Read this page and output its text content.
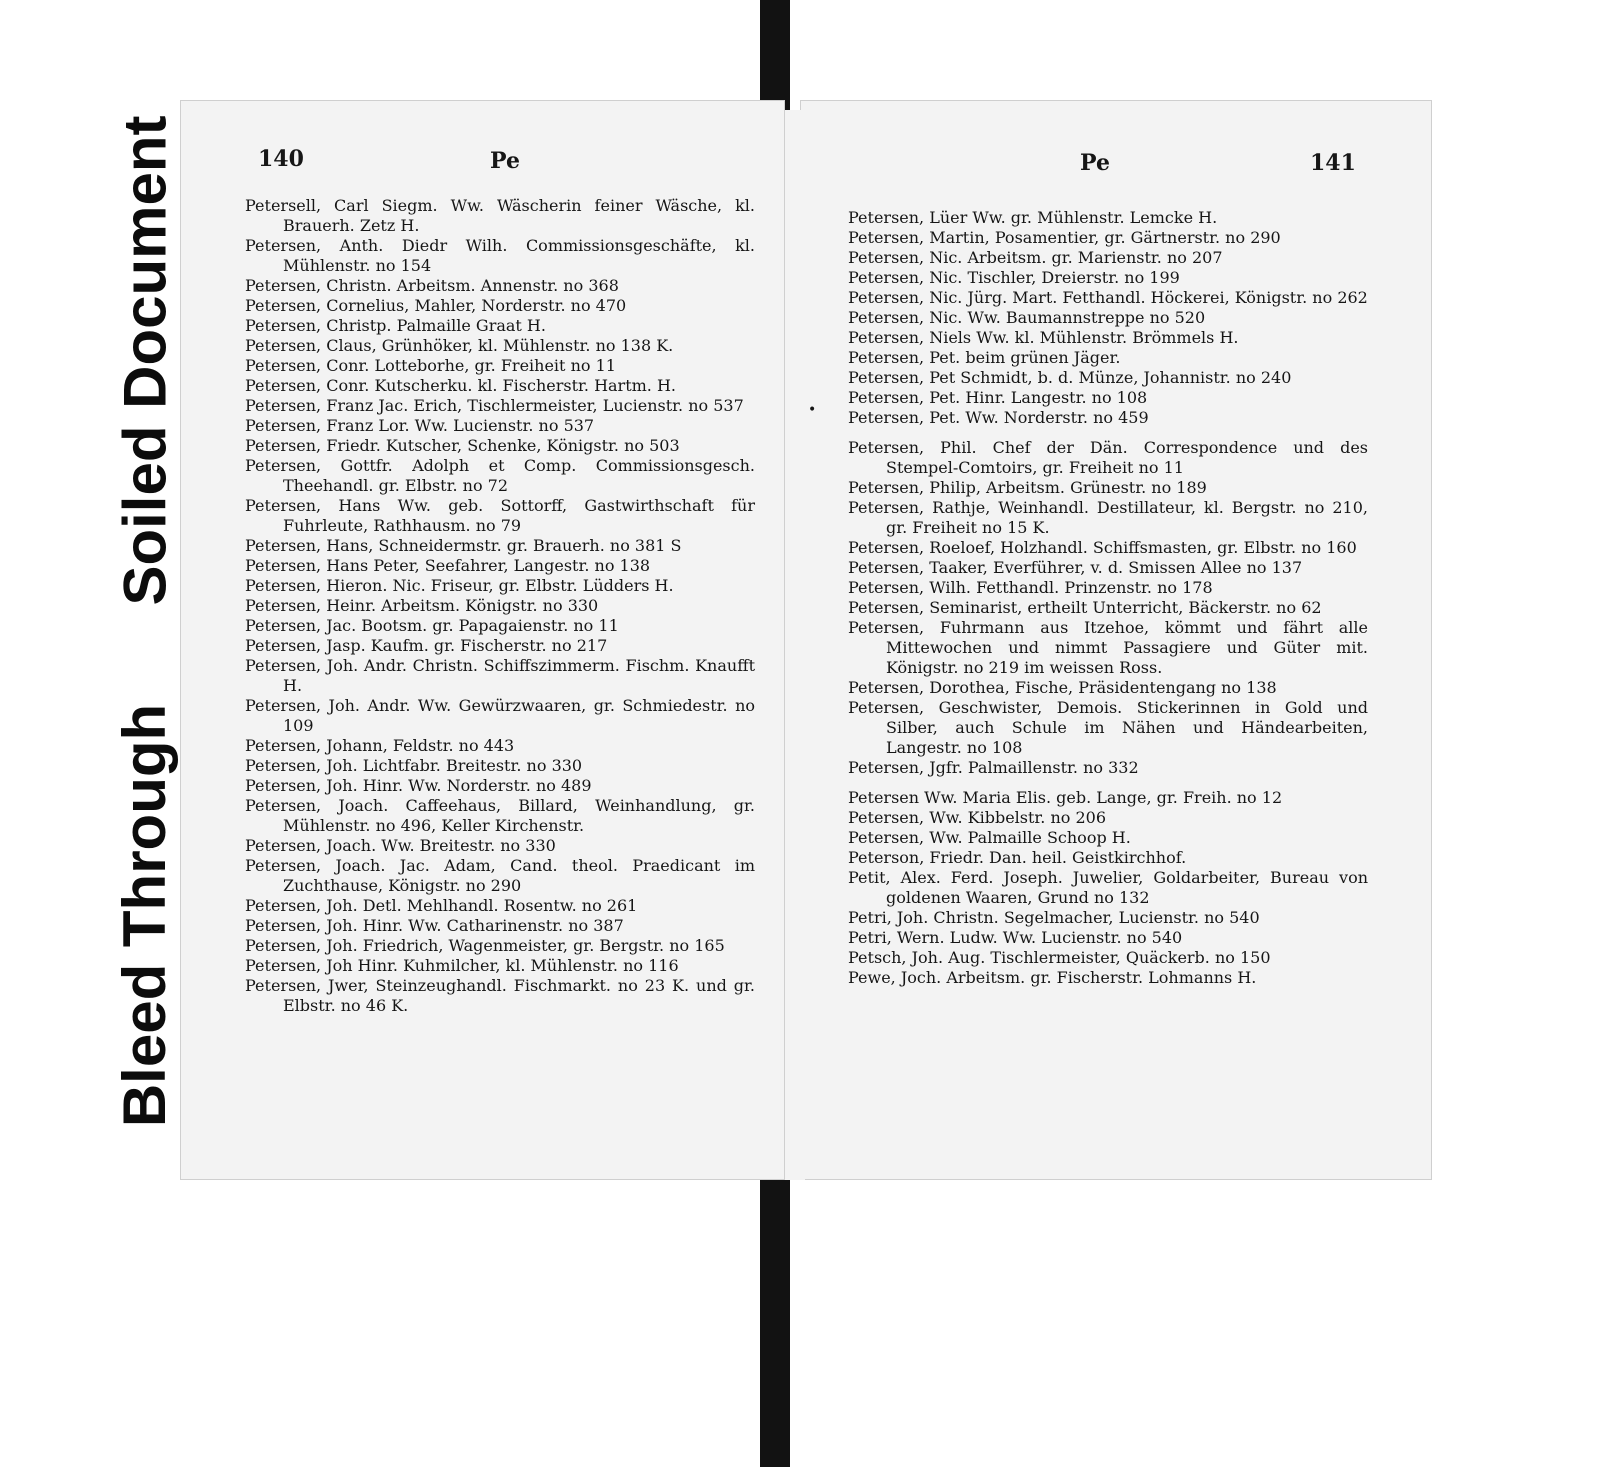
Soiled Document
Bleed Through
140	Pe	Pe	141
Petersell, Carl Siegm. Ww. Wäscherin feiner Wäsche, kl. Brauerh. Zetz H.
Petersen, Anth. Diedr Wilh. Commissionsgeschäfte, kl. Mühlenstr. no 154
Petersen, Christn. Arbeitsm. Annenstr. no 368
Petersen, Cornelius, Mahler, Norderstr. no 470
Petersen, Christp. Palmaille Graat H.
Petersen, Claus, Grünhöker, kl. Mühlenstr. no 138 K.
Petersen, Conr. Lotteborhe, gr. Freiheit no 11
Petersen, Conr. Kutscherku. kl. Fischerstr. Hartm. H.
Petersen, Franz Jac. Erich, Tischlermeister, Lucienstr. no 537
Petersen, Franz Lor. Ww. Lucienstr. no 537
Petersen, Friedr. Kutscher, Schenke, Königstr. no 503
Petersen, Gottfr. Adolph et Comp. Commissionsgesch. Theehandl. gr. Elbstr. no 72
Petersen, Hans Ww. geb. Sottorff, Gastwirthschaft für Fuhrleute, Rathhausm. no 79
Petersen, Hans, Schneidermstr. gr. Brauerh. no 381 S
Petersen, Hans Peter, Seefahrer, Langestr. no 138
Petersen, Hieron. Nic. Friseur, gr. Elbstr. Lüdders H.
Petersen, Heinr. Arbeitsm. Königstr. no 330
Petersen, Jac. Bootsm. gr. Papagaienstr. no 11
Petersen, Jasp. Kaufm. gr. Fischerstr. no 217
Petersen, Joh. Andr. Christn. Schiffszimmerm. Fischm. Knaufft H.
Petersen, Joh. Andr. Ww. Gewürzwaaren, gr. Schmiedestr. no 109
Petersen, Johann, Feldstr. no 443
Petersen, Joh. Lichtfabr. Breitestr. no 330
Petersen, Joh. Hinr. Ww. Norderstr. no 489
Petersen, Joach. Caffeehaus, Billard, Weinhandlung, gr. Mühlenstr. no 496, Keller Kirchenstr.
Petersen, Joach. Ww. Breitestr. no 330
Petersen, Joach. Jac. Adam, Cand. theol. Praedicant im Zuchthause, Königstr. no 290
Petersen, Joh. Detl. Mehlhandl. Rosentw. no 261
Petersen, Joh. Hinr. Ww. Catharinenstr. no 387
Petersen, Joh. Friedrich, Wagenmeister, gr. Bergstr. no 165
Petersen, Joh Hinr. Kuhmilcher, kl. Mühlenstr. no 116
Petersen, Jwer, Steinzeughandl. Fischmarkt. no 23 K. und gr. Elbstr. no 46 K.
Petersen, Lüer Ww. gr. Mühlenstr. Lemcke H.
Petersen, Martin, Posamentier, gr. Gärtnerstr. no 290
Petersen, Nic. Arbeitsm. gr. Marienstr. no 207
Petersen, Nic. Tischler, Dreierstr. no 199
Petersen, Nic. Jürg. Mart. Fetthandl. Höckerei, Königstr. no 262
Petersen, Nic. Ww. Baumannstreppe no 520
Petersen, Niels Ww. kl. Mühlenstr. Brömmels H.
Petersen, Pet. beim grünen Jäger.
Petersen, Pet Schmidt, b. d. Münze, Johannistr. no 240
Petersen, Pet. Hinr. Langestr. no 108
Petersen, Pet. Ww. Norderstr. no 459
Petersen, Phil. Chef der Dän. Correspondence und des Stempel-Comtoirs, gr. Freiheit no 11
Petersen, Philip, Arbeitsm. Grünestr. no 189
Petersen, Rathje, Weinhandl. Destillateur, kl. Bergstr. no 210, gr. Freiheit no 15 K.
Petersen, Roeloef, Holzhandl. Schiffsmasten, gr. Elbstr. no 160
Petersen, Taaker, Everführer, v. d. Smissen Allee no 137
Petersen, Wilh. Fetthandl. Prinzenstr. no 178
Petersen, Seminarist, ertheilt Unterricht, Bäckerstr. no 62
Petersen, Fuhrmann aus Itzehoe, kömmt und fährt alle Mittewochen und nimmt Passagiere und Güter mit. Königstr. no 219 im weissen Ross.
Petersen, Dorothea, Fische, Präsidentengang no 138
Petersen, Geschwister, Demois. Stickerinnen in Gold und Silber, auch Schule im Nähen und Händearbeiten, Langestr. no 108
Petersen, Jgfr. Palmaillenstr. no 332
Petersen Ww. Maria Elis. geb. Lange, gr. Freih. no 12
Petersen, Ww. Kibbelstr. no 206
Petersen, Ww. Palmaille Schoop H.
Peterson, Friedr. Dan. heil. Geistkirchhof.
Petit, Alex. Ferd. Joseph. Juwelier, Goldarbeiter, Bureau von goldenen Waaren, Grund no 132
Petri, Joh. Christn. Segelmacher, Lucienstr. no 540
Petri, Wern. Ludw. Ww. Lucienstr. no 540
Petsch, Joh. Aug. Tischlermeister, Quäckerb. no 150
Pewe, Joch. Arbeitsm. gr. Fischerstr. Lohmanns H.
•
